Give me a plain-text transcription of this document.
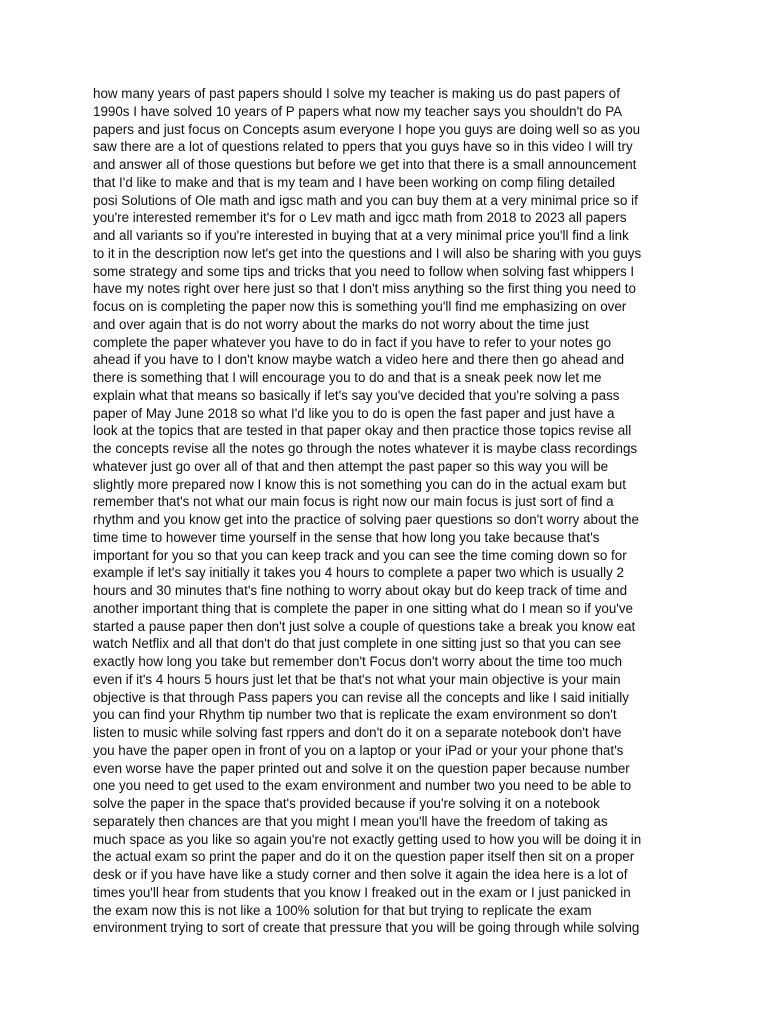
how many years of past papers should I solve my teacher is making us do past papers of
1990s I have solved 10 years of P papers what now my teacher says you shouldn't do PA
papers and just focus on Concepts asum everyone I hope you guys are doing well so as you
saw there are a lot of questions related to ppers that you guys have so in this video I will try
and answer all of those questions but before we get into that there is a small announcement
that I'd like to make and that is my team and I have been working on comp filing detailed
posi Solutions of Ole math and igsc math and you can buy them at a very minimal price so if
you're interested remember it's for o Lev math and igcc math from 2018 to 2023 all papers
and all variants so if you're interested in buying that at a very minimal price you'll find a link
to it in the description now let's get into the questions and I will also be sharing with you guys
some strategy and some tips and tricks that you need to follow when solving fast whippers I
have my notes right over here just so that I don't miss anything so the first thing you need to
focus on is completing the paper now this is something you'll find me emphasizing on over
and over again that is do not worry about the marks do not worry about the time just
complete the paper whatever you have to do in fact if you have to refer to your notes go
ahead if you have to I don't know maybe watch a video here and there then go ahead and
there is something that I will encourage you to do and that is a sneak peek now let me
explain what that means so basically if let's say you've decided that you're solving a pass
paper of May June 2018 so what I'd like you to do is open the fast paper and just have a
look at the topics that are tested in that paper okay and then practice those topics revise all
the concepts revise all the notes go through the notes whatever it is maybe class recordings
whatever just go over all of that and then attempt the past paper so this way you will be
slightly more prepared now I know this is not something you can do in the actual exam but
remember that's not what our main focus is right now our main focus is just sort of find a
rhythm and you know get into the practice of solving paer questions so don't worry about the
time time to however time yourself in the sense that how long you take because that's
important for you so that you can keep track and you can see the time coming down so for
example if let's say initially it takes you 4 hours to complete a paper two which is usually 2
hours and 30 minutes that's fine nothing to worry about okay but do keep track of time and
another important thing that is complete the paper in one sitting what do I mean so if you've
started a pause paper then don't just solve a couple of questions take a break you know eat
watch Netflix and all that don't do that just complete in one sitting just so that you can see
exactly how long you take but remember don't Focus don't worry about the time too much
even if it's 4 hours 5 hours just let that be that's not what your main objective is your main
objective is that through Pass papers you can revise all the concepts and like I said initially
you can find your Rhythm tip number two that is replicate the exam environment so don't
listen to music while solving fast rppers and don't do it on a separate notebook don't have
you have the paper open in front of you on a laptop or your iPad or your your phone that's
even worse have the paper printed out and solve it on the question paper because number
one you need to get used to the exam environment and number two you need to be able to
solve the paper in the space that's provided because if you're solving it on a notebook
separately then chances are that you might I mean you'll have the freedom of taking as
much space as you like so again you're not exactly getting used to how you will be doing it in
the actual exam so print the paper and do it on the question paper itself then sit on a proper
desk or if you have have like a study corner and then solve it again the idea here is a lot of
times you'll hear from students that you know I freaked out in the exam or I just panicked in
the exam now this is not like a 100% solution for that but trying to replicate the exam
environment trying to sort of create that pressure that you will be going through while solving
